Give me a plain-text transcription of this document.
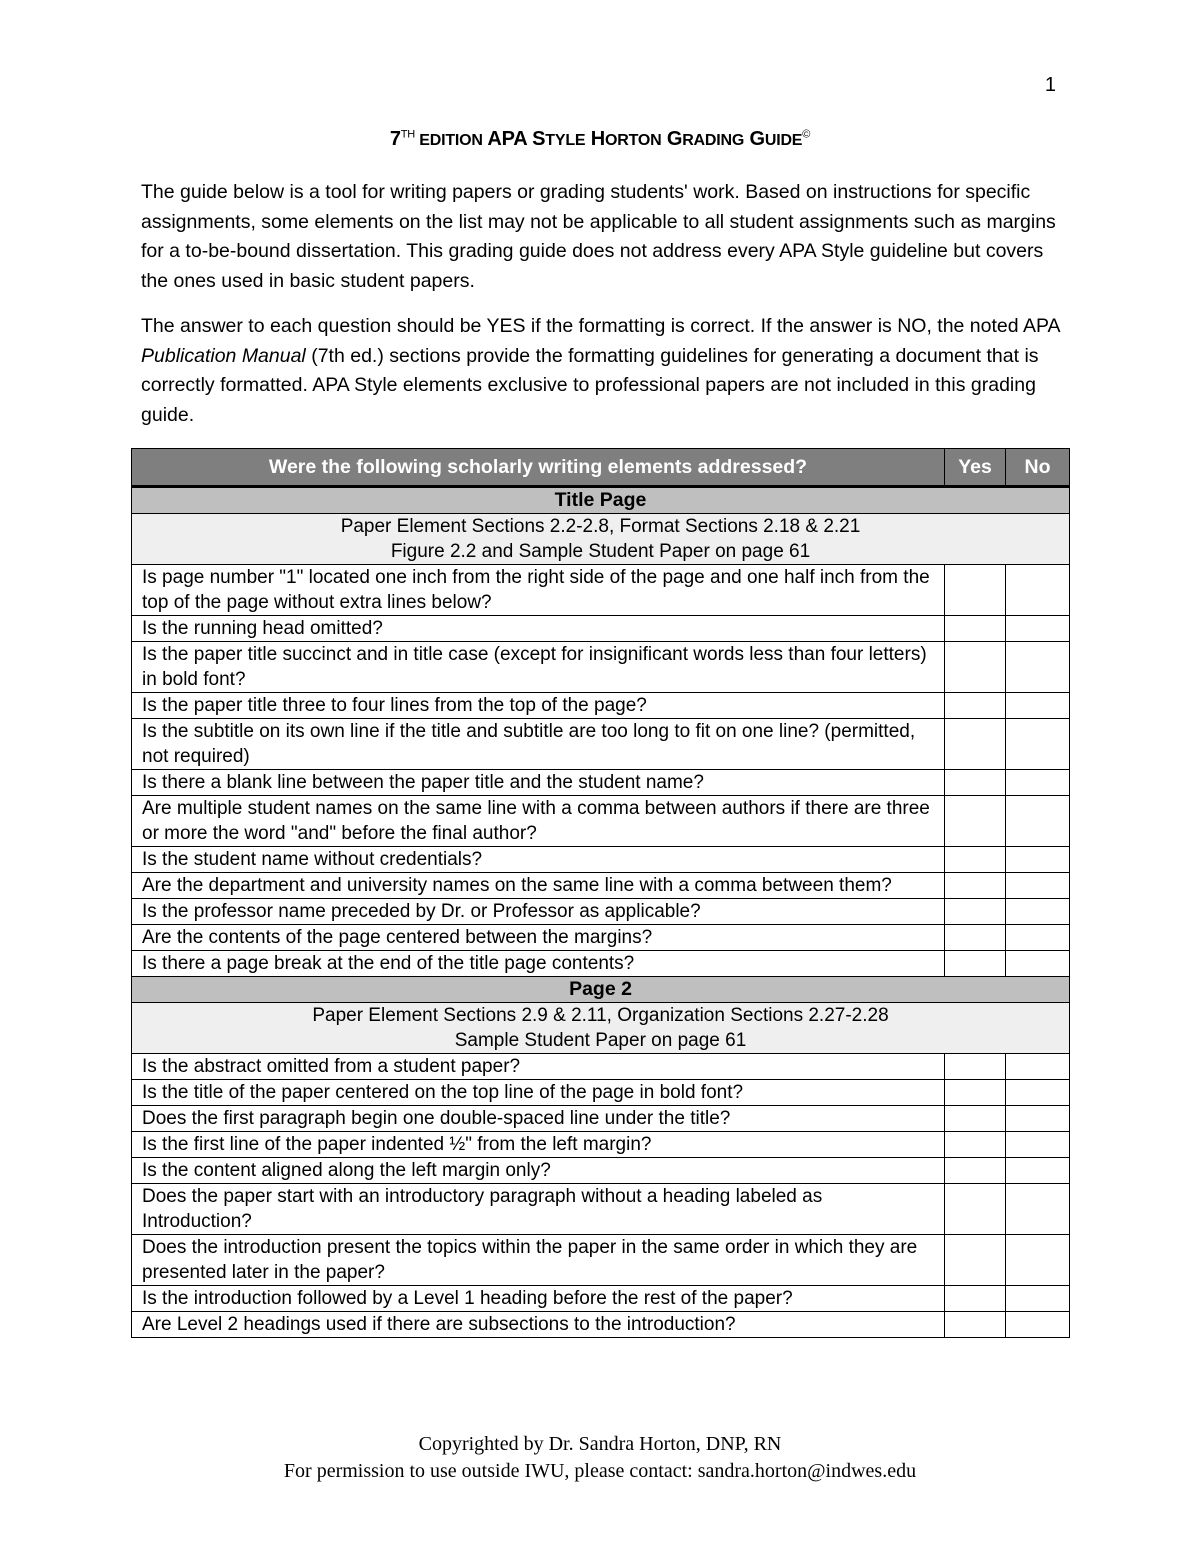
1
7TH EDITION APA STYLE HORTON GRADING GUIDE©

The guide below is a tool for writing papers or grading students' work. Based on instructions for specific assignments, some elements on the list may not be applicable to all student assignments such as margins for a to-be-bound dissertation. This grading guide does not address every APA Style guideline but covers the ones used in basic student papers.

The answer to each question should be YES if the formatting is correct. If the answer is NO, the noted APA Publication Manual (7th ed.) sections provide the formatting guidelines for generating a document that is correctly formatted. APA Style elements exclusive to professional papers are not included in this grading guide.

Were the following scholarly writing elements addressed?	Yes	No
Title Page		

Paper Element Sections 2.2-2.8, Format Sections 2.18 & 2.21
Figure 2.2 and Sample Student Paper on page 61		

Is page number "1" located one inch from the right side of the page and one half inch from the top of the page without extra lines below?		
Is the running head omitted?		
Is the paper title succinct and in title case (except for insignificant words less than four letters) in bold font?		
Is the paper title three to four lines from the top of the page?		
Is the subtitle on its own line if the title and subtitle are too long to fit on one line? (permitted, not required)		
Is there a blank line between the paper title and the student name?		
Are multiple student names on the same line with a comma between authors if there are three or more the word "and" before the final author?		
Is the student name without credentials?		
Are the department and university names on the same line with a comma between them?		
Is the professor name preceded by Dr. or Professor as applicable?		
Are the contents of the page centered between the margins?		
Is there a page break at the end of the title page contents?		
Page 2		

Paper Element Sections 2.9 & 2.11, Organization Sections 2.27-2.28
Sample Student Paper on page 61		

Is the abstract omitted from a student paper?		
Is the title of the paper centered on the top line of the page in bold font?		
Does the first paragraph begin one double-spaced line under the title?		
Is the first line of the paper indented ½" from the left margin?		
Is the content aligned along the left margin only?		
Does the paper start with an introductory paragraph without a heading labeled as Introduction?		
Does the introduction present the topics within the paper in the same order in which they are presented later in the paper?		
Is the introduction followed by a Level 1 heading before the rest of the paper?		
Are Level 2 headings used if there are subsections to the introduction?		
Copyrighted by Dr. Sandra Horton, DNP, RN
For permission to use outside IWU, please contact: sandra.horton@indwes.edu
